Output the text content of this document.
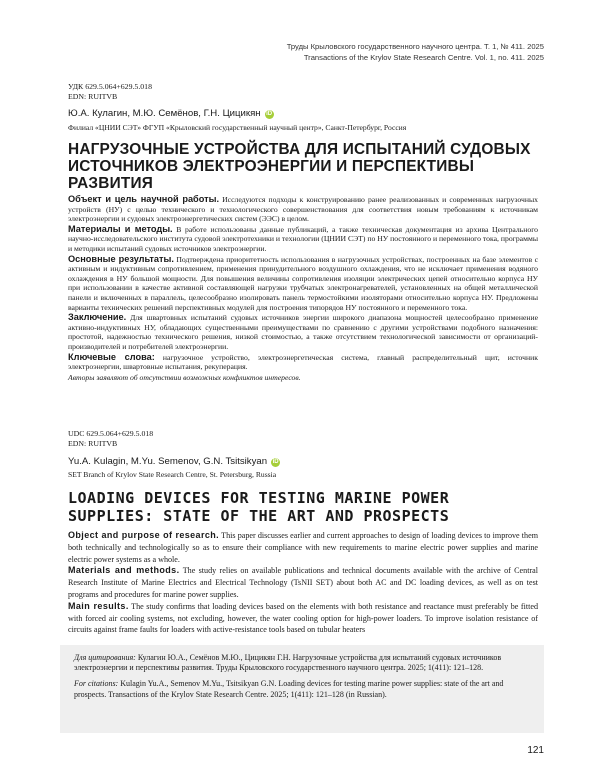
Труды Крыловского государственного научного центра. Т. 1, № 411. 2025
Transactions of the Krylov State Research Centre. Vol. 1, no. 411. 2025
УДК 629.5.064+629.5.018
EDN: RUITVB
Ю.А. Кулагин, М.Ю. Семёнов, Г.Н. Цицикян iD
Филиал «ЦНИИ СЭТ» ФГУП «Крыловский государственный научный центр», Санкт-Петербург, Россия
НАГРУЗОЧНЫЕ УСТРОЙСТВА ДЛЯ ИСПЫТАНИЙ СУДОВЫХ ИСТОЧНИКОВ ЭЛЕКТРОЭНЕРГИИ И ПЕРСПЕКТИВЫ РАЗВИТИЯ

Объект и цель научной работы. Исследуются подходы к конструированию ранее реализованных и современных нагрузочных устройств (НУ) с целью технического и технологического совершенствования для соответствия новым требованиям к источникам электроэнергии и судовых электроэнергетических систем (ЭЭС) в целом.

Материалы и методы. В работе использованы данные публикаций, а также техническая документация из архива Центрального научно-исследовательского института судовой электротехники и технологии (ЦНИИ СЭТ) по НУ постоянного и переменного тока, программы и методики испытаний судовых источников электроэнергии.

Основные результаты. Подтверждена приоритетность использования в нагрузочных устройствах, построенных на базе элементов с активным и индуктивным сопротивлением, применения принудительного воздушного охлаждения, что не исключает применения водяного охлаждения в НУ большой мощности. Для повышения величины сопротивления изоляции электрических цепей относительно корпуса НУ при использовании в качестве активной составляющей нагрузки трубчатых электронагревателей, установленных на общей металлической панели и включенных в параллель, целесообразно изолировать панель термостойкими изоляторами относительно корпуса НУ. Предложены варианты технических решений перспективных модулей для построения типорядов НУ постоянного и переменного тока.

Заключение. Для швартовных испытаний судовых источников энергии широкого диапазона мощностей целесообразно применение активно-индуктивных НУ, обладающих существенными преимуществами по сравнению с другими устройствами подобного назначения: простотой, надежностью технического решения, низкой стоимостью, а также отсутствием технологической зависимости от организаций-производителей и потребителей электроэнергии.

Ключевые слова: нагрузочное устройство, электроэнергетическая система, главный распределительный щит, источник электроэнергии, швартовные испытания, рекуперация.

Авторы заявляют об отсутствии возможных конфликтов интересов.
UDC 629.5.064+629.5.018
EDN: RUITVB
Yu.A. Kulagin, M.Yu. Semenov, G.N. Tsitsikyan iD
SET Branch of Krylov State Research Centre, St. Petersburg, Russia
LOADING DEVICES FOR TESTING MARINE POWER SUPPLIES: STATE OF THE ART AND PROSPECTS

Object and purpose of research. This paper discusses earlier and current approaches to design of loading devices to improve them both technically and technologically so as to ensure their compliance with new requirements to marine electric power supplies and marine electric power systems as a whole.

Materials and methods. The study relies on available publications and technical documents available with the archive of Central Research Institute of Marine Electrics and Electrical Technology (TsNII SET) about both AC and DC loading devices, as well as on test programs and procedures for marine power supplies.

Main results. The study confirms that loading devices based on the elements with both resistance and reactance must preferably be fitted with forced air cooling systems, not excluding, however, the water cooling option for high-power loaders. To improve isolation resistance of circuits against frame faults for loaders with active-resistance tools based on tubular heaters

Для цитирования: Кулагин Ю.А., Семёнов М.Ю., Цицикян Г.Н. Нагрузочные устройства для испытаний судовых источников электроэнергии и перспективы развития. Труды Крыловского государственного научного центра. 2025; 1(411): 121–128.

For citations: Kulagin Yu.A., Semenov M.Yu., Tsitsikyan G.N. Loading devices for testing marine power supplies: state of the art and prospects. Transactions of the Krylov State Research Centre. 2025; 1(411): 121–128 (in Russian).

121
